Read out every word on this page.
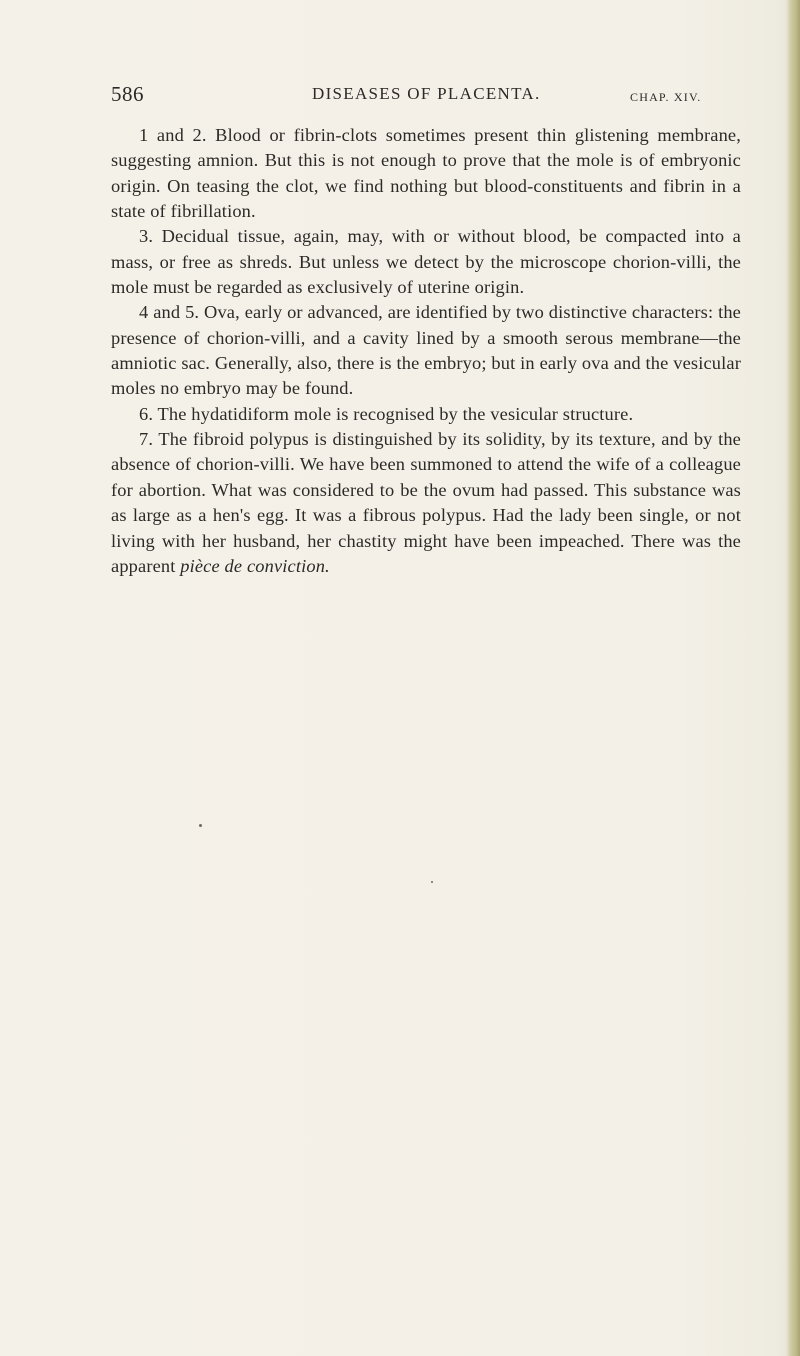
586	DISEASES OF PLACENTA.	CHAP. XIV.

1 and 2. Blood or fibrin-clots sometimes present thin glistening membrane, suggesting amnion. But this is not enough to prove that the mole is of embryonic origin. On teasing the clot, we find nothing but blood-constituents and fibrin in a state of fibrillation.

3. Decidual tissue, again, may, with or without blood, be compacted into a mass, or free as shreds. But unless we detect by the microscope chorion-villi, the mole must be regarded as exclusively of uterine origin.

4 and 5. Ova, early or advanced, are identified by two distinctive characters: the presence of chorion-villi, and a cavity lined by a smooth serous membrane—the amniotic sac. Generally, also, there is the embryo; but in early ova and the vesicular moles no embryo may be found.

6. The hydatidiform mole is recognised by the vesicular structure.

7. The fibroid polypus is distinguished by its solidity, by its texture, and by the absence of chorion-villi. We have been summoned to attend the wife of a colleague for abortion. What was considered to be the ovum had passed. This substance was as large as a hen's egg. It was a fibrous polypus. Had the lady been single, or not living with her husband, her chastity might have been impeached. There was the apparent pièce de conviction.
